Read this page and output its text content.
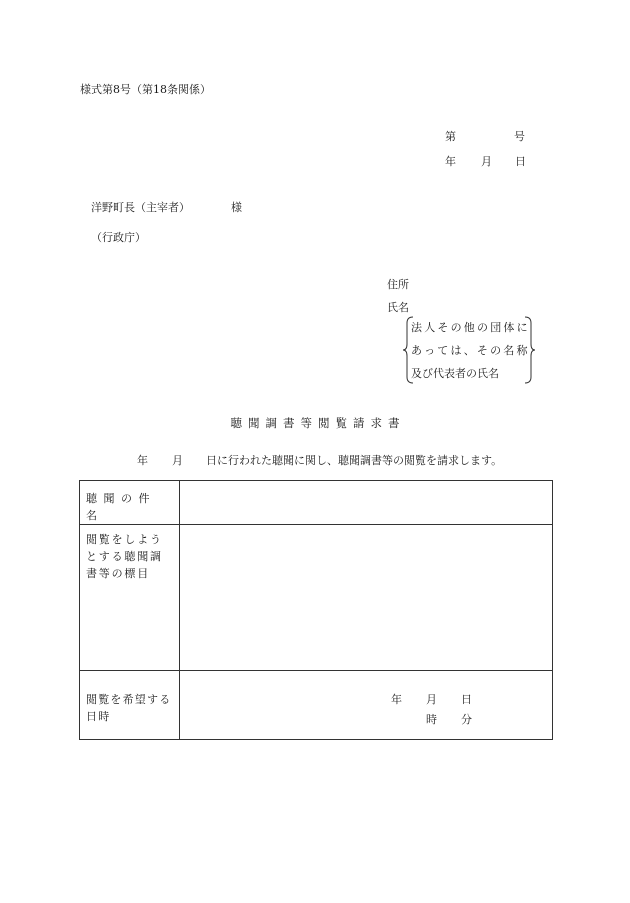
様式第8号（第18条関係）
第	号
年 月 日
洋野町長（主宰者）	様
（行政庁）
住所
氏名
法人その他の団体に
あっては、その名称
及び代表者の氏名
聴聞調書等閲覧請求書
年 月 日に行われた聴聞に関し、聴聞調書等の閲覧を請求します。
聴聞の件名	

閲覧をしようとする聴聞調書等の標目	

閲覧を希望する日時	年 月 日
時 分
